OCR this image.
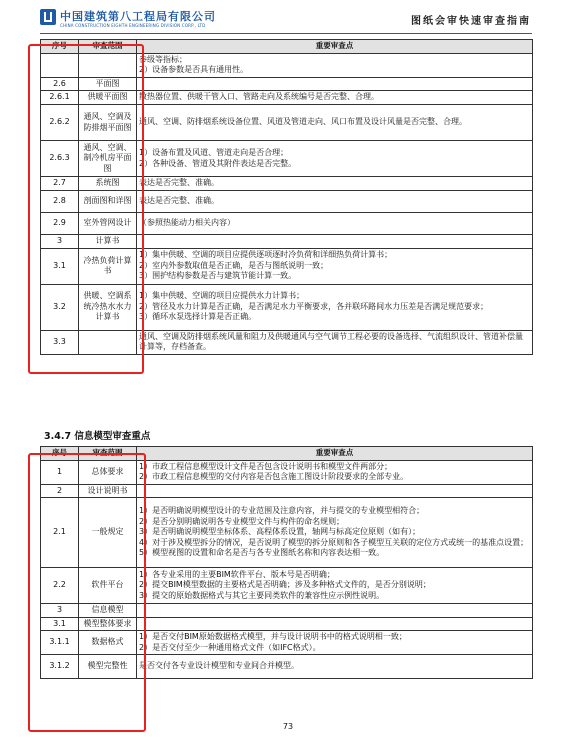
中国建筑第八工程局有限公司
CHINA CONSTRUCTION EIGHTH ENGINEERING DIVISION CORP., LTD	图纸会审快速审查指南
序号	审查范围	重要审查点

		参级等指标；
2）设备参数是否具有通用性。

2.6	平面图	

2.6.1	供暖平面图	散热器位置、供暖干管入口、管路走向及系统编号是否完整、合理。

2.6.2	通风、空调及防排烟平面图	通风、空调、防排烟系统设备位置、风道及管道走向、风口布置及设计风量是否完整、合理。

2.6.3	通风、空调、制冷机房平面图	1）设备布置及风道、管道走向是否合理；
2）各种设备、管道及其附件表达是否完整。

2.7	系统图	表达是否完整、准确。

2.8	剖面图和详图	表达是否完整、准确。

2.9	室外管网设计	（参照热能动力相关内容）

3	计算书	

3.1	冷热负荷计算书	1）集中供暖、空调的项目应提供逐项逐时冷负荷和详细热负荷计算书；
2）室内外参数取值是否正确，是否与图纸说明一致；
3）围护结构参数是否与建筑节能计算一致。

3.2	供暖、空调系统冷热水水力计算书	1）集中供暖、空调的项目应提供水力计算书；
2）管径及水力计算是否正确，是否满足水力平衡要求，各并联环路间水力压差是否满足规范要求；
3）循环水泵选择计算是否正确。

3.3		通风、空调及防排烟系统风量和阻力及供暖通风与空气调节工程必要的设备选择、气流组织设计、管道补偿量计算等，存档备查。
3.4.7 信息模型审查重点
序号	审查范围	重要审查点
1	总体要求	1）市政工程信息模型设计文件是否包含设计说明书和模型文件两部分；
2）市政工程信息模型的交付内容是否包含施工图设计阶段要求的全部专业。

2	设计说明书	

2.1	一般规定	1）是否明确说明模型设计的专业范围及注意内容，并与提交的专业模型相符合；
2）是否分别明确说明各专业模型文件与构件的命名规则；
3）是否明确说明模型坐标体系、高程体系设置，轴网与标高定位原则（如有）；
4）对于涉及模型拆分的情况，是否说明了模型的拆分原则和各子模型互关联的定位方式或统一的基准点设置；
5）模型视图的设置和命名是否与各专业图纸名称和内容表达相一致。

2.2	软件平台	1）各专业采用的主要BIM软件平台、版本号是否明确；
2）提交BIM模型数据的主要格式是否明确；涉及多种格式文件的，是否分别说明；
3）提交的原始数据格式与其它主要同类软件的兼容性应示例性说明。

3	信息模型	

3.1	模型整体要求	

3.1.1	数据格式	1）是否交付BIM原始数据格式模型，并与设计说明书中的格式说明相一致；
2）是否交付至少一种通用格式文件（如IFC格式）。

3.1.2	模型完整性	是否交付各专业设计模型和专业间合并模型。
73
